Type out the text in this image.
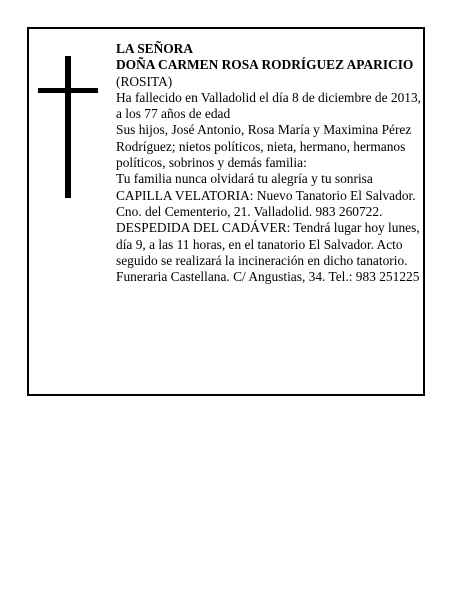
LA SEÑORA

DOÑA CARMEN ROSA RODRÍGUEZ APARICIO

(ROSITA)

Ha fallecido en Valladolid el día 8 de diciembre de 2013, a los 77 años de edad

Sus hijos, José Antonio, Rosa María y Maximina Pérez Rodríguez; nietos políticos, nieta, hermano, hermanos políticos, sobrinos y demás familia:

Tu familia nunca olvidará tu alegría y tu sonrisa

CAPILLA VELATORIA: Nuevo Tanatorio El Salvador. Cno. del Cementerio, 21. Valladolid. 983 260722.

DESPEDIDA DEL CADÁVER: Tendrá lugar hoy lunes, día 9, a las 11 horas, en el tanatorio El Salvador. Acto seguido se realizará la incineración en dicho tanatorio.

Funeraria Castellana. C/ Angustias, 34. Tel.: 983 251225
